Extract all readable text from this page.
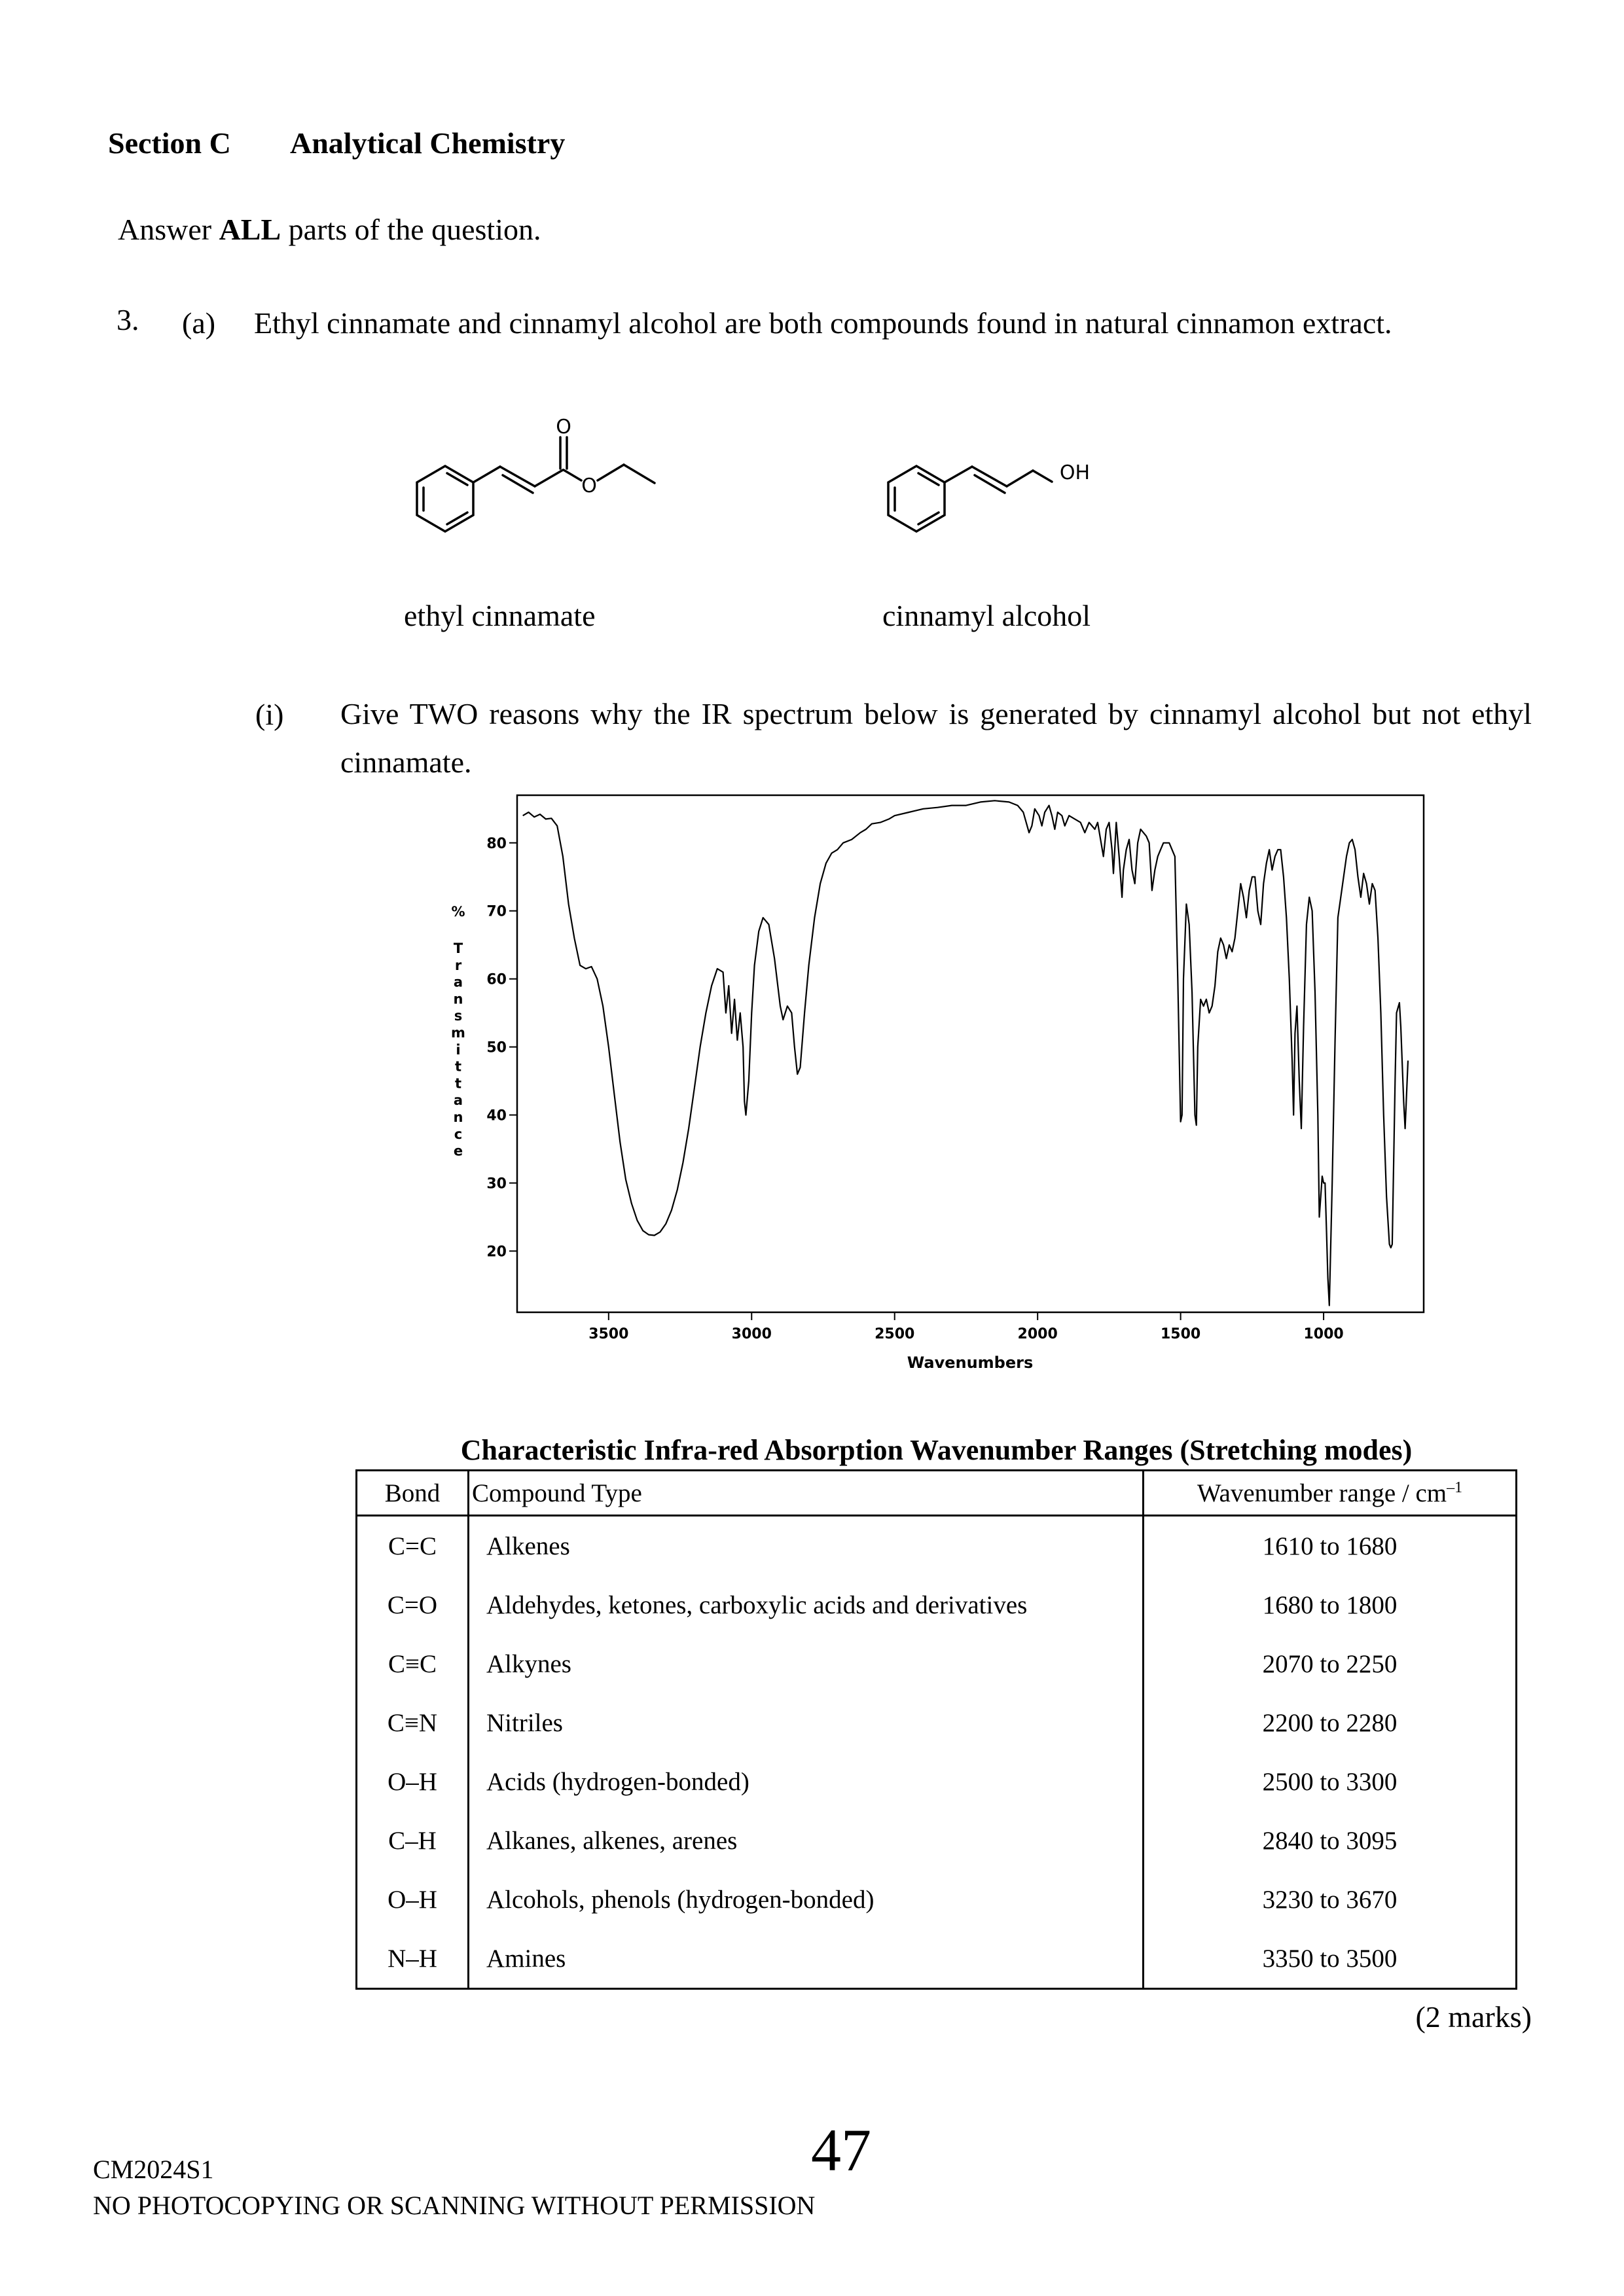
Section C Analytical Chemistry
Answer ALL parts of the question.
3. (a) Ethyl cinnamate and cinnamyl alcohol are both compounds found in natural cinnamon extract.
O
O
OH
ethyl cinnamate	cinnamyl alcohol
(i) Give TWO reasons why the IR spectrum below is generated by cinnamyl alcohol but not ethyl cinnamate.
20
30
40
50
60
70
80
3500	3000	2500	2000	1500	1000
Wavenumbers
% T r a n s m i t t a n c e
Characteristic Infra-red Absorption Wavenumber Ranges (Stretching modes)
Bond	Compound Type	Wavenumber range / $cm^{-1}$
C=C	Alkenes	1610 to 1680
C=O	Aldehydes, ketones, carboxylic acids and derivatives	1680 to 1800
C≡C	Alkynes	2070 to 2250
C≡N	Nitriles	2200 to 2280
O–H	Acids (hydrogen-bonded)	2500 to 3300
C–H	Alkanes, alkenes, arenes	2840 to 3095
O–H	Alcohols, phenols (hydrogen-bonded)	3230 to 3670
N–H	Amines	3350 to 3500
(2 marks)
CM2024S1	47
NO PHOTOCOPYING OR SCANNING WITHOUT PERMISSION
